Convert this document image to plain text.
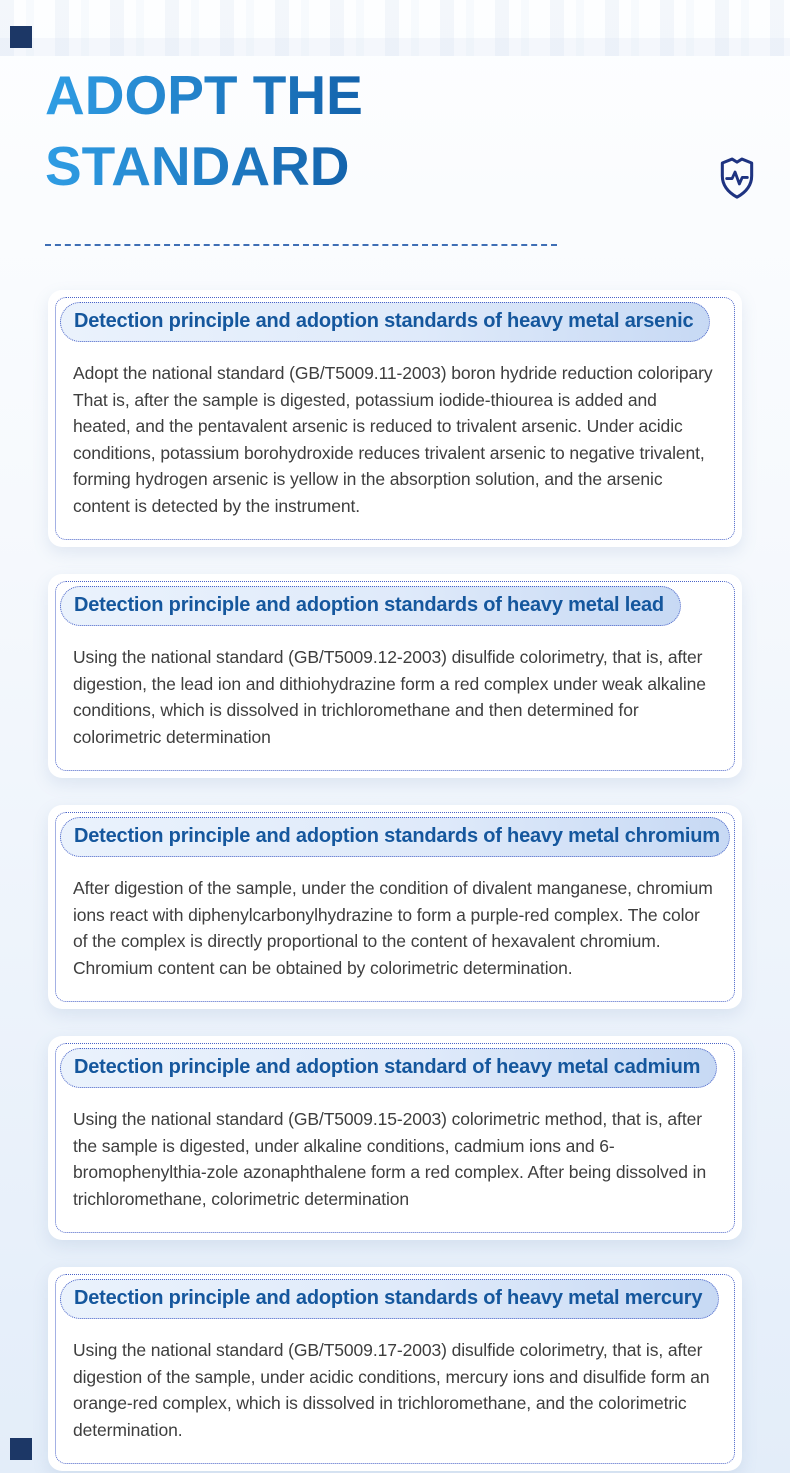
ADOPT THE
STANDARD
Detection principle and adoption standards of heavy metal arsenic
Adopt the national standard (GB/T5009.11-2003) boron hydride reduction coloripary That is, after the sample is digested, potassium iodide-thiourea is added and heated, and the pentavalent arsenic is reduced to trivalent arsenic. Under acidic conditions, potassium borohydroxide reduces trivalent arsenic to negative trivalent, forming hydrogen arsenic is yellow in the absorption solution, and the arsenic content is detected by the instrument.
Detection principle and adoption standards of heavy metal lead
Using the national standard (GB/T5009.12-2003) disulfide colorimetry, that is, after digestion, the lead ion and dithiohydrazine form a red complex under weak alkaline conditions, which is dissolved in trichloromethane and then determined for colorimetric determination
Detection principle and adoption standards of heavy metal chromium
After digestion of the sample, under the condition of divalent manganese, chromium ions react with diphenylcarbonylhydrazine to form a purple-red complex. The color of the complex is directly proportional to the content of hexavalent chromium. Chromium content can be obtained by colorimetric determination.
Detection principle and adoption standard of heavy metal cadmium
Using the national standard (GB/T5009.15-2003) colorimetric method, that is, after the sample is digested, under alkaline conditions, cadmium ions and 6-bromophenylthia-zole azonaphthalene form a red complex. After being dissolved in trichloromethane, colorimetric determination
Detection principle and adoption standards of heavy metal mercury
Using the national standard (GB/T5009.17-2003) disulfide colorimetry, that is, after digestion of the sample, under acidic conditions, mercury ions and disulfide form an orange-red complex, which is dissolved in trichloromethane, and the colorimetric determination.
